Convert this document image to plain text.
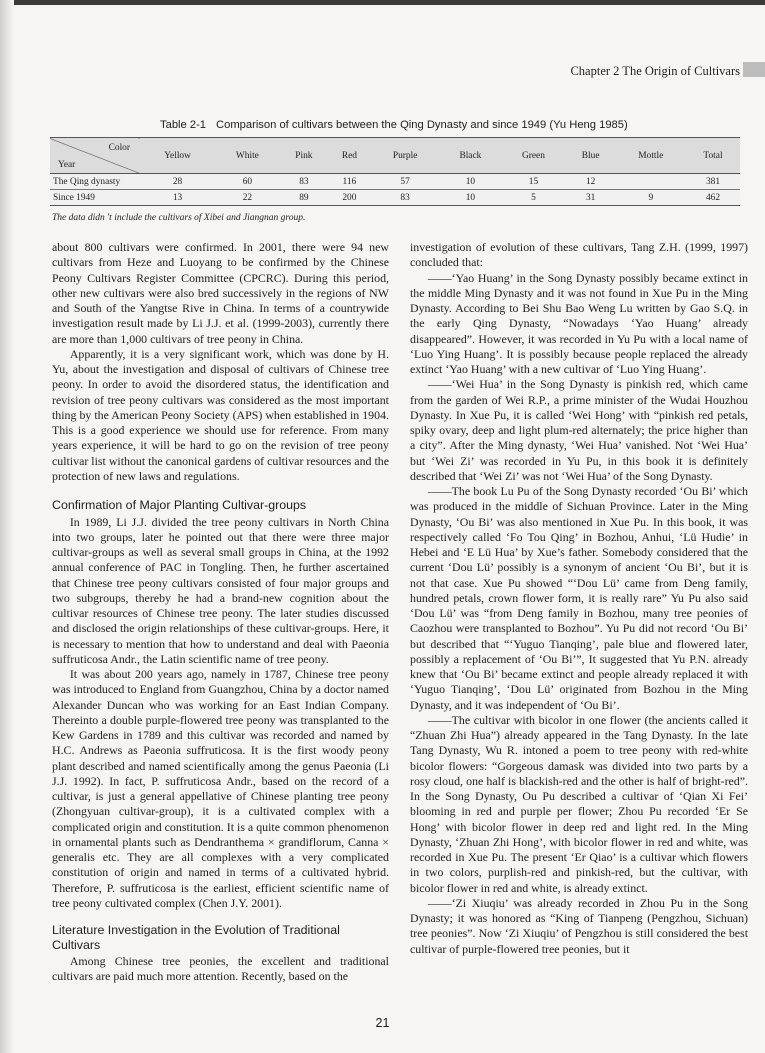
Chapter 2 The Origin of Cultivars
Table 2-1 Comparison of cultivars between the Qing Dynasty and since 1949 (Yu Heng 1985)
Color
Year	Yellow	White	Pink	Red	Purple	Black	Green	Blue	Mottle	Total
The Qing dynasty	28	60	83	116	57	10	15	12		381
Since 1949	13	22	89	200	83	10	5	31	9	462
The data didn 't include the cultivars of Xibei and Jiangnan group.

about 800 cultivars were confirmed. In 2001, there were 94 new cultivars from Heze and Luoyang to be confirmed by the Chinese Peony Cultivars Register Committee (CPCRC). During this period, other new cultivars were also bred successively in the regions of NW and South of the Yangtse Rive in China. In terms of a countrywide investigation result made by Li J.J. et al. (1999-2003), currently there are more than 1,000 cultivars of tree peony in China.

Apparently, it is a very significant work, which was done by H. Yu, about the investigation and disposal of cultivars of Chinese tree peony. In order to avoid the disordered status, the identification and revision of tree peony cultivars was considered as the most important thing by the American Peony Society (APS) when established in 1904. This is a good experience we should use for reference. From many years experience, it will be hard to go on the revision of tree peony cultivar list without the canonical gardens of cultivar resources and the protection of new laws and regulations.

Confirmation of Major Planting Cultivar-groups

In 1989, Li J.J. divided the tree peony cultivars in North China into two groups, later he pointed out that there were three major cultivar-groups as well as several small groups in China, at the 1992 annual conference of PAC in Tongling. Then, he further ascertained that Chinese tree peony cultivars consisted of four major groups and two subgroups, thereby he had a brand-new cognition about the cultivar resources of Chinese tree peony. The later studies discussed and disclosed the origin relationships of these cultivar-groups. Here, it is necessary to mention that how to understand and deal with Paeonia suffruticosa Andr., the Latin scientific name of tree peony.

It was about 200 years ago, namely in 1787, Chinese tree peony was introduced to England from Guangzhou, China by a doctor named Alexander Duncan who was working for an East Indian Company. Thereinto a double purple-flowered tree peony was transplanted to the Kew Gardens in 1789 and this cultivar was recorded and named by H.C. Andrews as Paeonia suffruticosa. It is the first woody peony plant described and named scientifically among the genus Paeonia (Li J.J. 1992). In fact, P. suffruticosa Andr., based on the record of a cultivar, is just a general appellative of Chinese planting tree peony (Zhongyuan cultivar-group), it is a cultivated complex with a complicated origin and constitution. It is a quite common phenomenon in ornamental plants such as Dendranthema × grandiflorum, Canna × generalis etc. They are all complexes with a very complicated constitution of origin and named in terms of a cultivated hybrid. Therefore, P. suffruticosa is the earliest, efficient scientific name of tree peony cultivated complex (Chen J.Y. 2001).

Literature Investigation in the Evolution of Traditional Cultivars

Among Chinese tree peonies, the excellent and traditional cultivars are paid much more attention. Recently, based on the

investigation of evolution of these cultivars, Tang Z.H. (1999, 1997) concluded that:

——‘Yao Huang’ in the Song Dynasty possibly became extinct in the middle Ming Dynasty and it was not found in Xue Pu in the Ming Dynasty. According to Bei Shu Bao Weng Lu written by Gao S.Q. in the early Qing Dynasty, “Nowadays ‘Yao Huang’ already disappeared”. However, it was recorded in Yu Pu with a local name of ‘Luo Ying Huang’. It is possibly because people replaced the already extinct ‘Yao Huang’ with a new cultivar of ‘Luo Ying Huang’.

——‘Wei Hua’ in the Song Dynasty is pinkish red, which came from the garden of Wei R.P., a prime minister of the Wudai Houzhou Dynasty. In Xue Pu, it is called ‘Wei Hong’ with “pinkish red petals, spiky ovary, deep and light plum-red alternately; the price higher than a city”. After the Ming dynasty, ‘Wei Hua’ vanished. Not ‘Wei Hua’ but ‘Wei Zi’ was recorded in Yu Pu, in this book it is definitely described that ‘Wei Zi’ was not ‘Wei Hua’ of the Song Dynasty.

——The book Lu Pu of the Song Dynasty recorded ‘Ou Bi’ which was produced in the middle of Sichuan Province. Later in the Ming Dynasty, ‘Ou Bi’ was also mentioned in Xue Pu. In this book, it was respectively called ‘Fo Tou Qing’ in Bozhou, Anhui, ‘Lü Hudie’ in Hebei and ‘E Lü Hua’ by Xue’s father. Somebody considered that the current ‘Dou Lü’ possibly is a synonym of ancient ‘Ou Bi’, but it is not that case. Xue Pu showed “‘Dou Lü’ came from Deng family, hundred petals, crown flower form, it is really rare” Yu Pu also said ‘Dou Lü’ was “from Deng family in Bozhou, many tree peonies of Caozhou were transplanted to Bozhou”. Yu Pu did not record ‘Ou Bi’ but described that “‘Yuguo Tianqing’, pale blue and flowered later, possibly a replacement of ‘Ou Bi’”, It suggested that Yu P.N. already knew that ‘Ou Bi’ became extinct and people already replaced it with ‘Yuguo Tianqing’, ‘Dou Lü’ originated from Bozhou in the Ming Dynasty, and it was independent of ‘Ou Bi’.

——The cultivar with bicolor in one flower (the ancients called it “Zhuan Zhi Hua”) already appeared in the Tang Dynasty. In the late Tang Dynasty, Wu R. intoned a poem to tree peony with red-white bicolor flowers: “Gorgeous damask was divided into two parts by a rosy cloud, one half is blackish-red and the other is half of bright-red”. In the Song Dynasty, Ou Pu described a cultivar of ‘Qian Xi Fei’ blooming in red and purple per flower; Zhou Pu recorded ‘Er Se Hong’ with bicolor flower in deep red and light red. In the Ming Dynasty, ‘Zhuan Zhi Hong’, with bicolor flower in red and white, was recorded in Xue Pu. The present ‘Er Qiao’ is a cultivar which flowers in two colors, purplish-red and pinkish-red, but the cultivar, with bicolor flower in red and white, is already extinct.

——‘Zi Xiuqiu’ was already recorded in Zhou Pu in the Song Dynasty; it was honored as “King of Tianpeng (Pengzhou, Sichuan) tree peonies”. Now ‘Zi Xiuqiu’ of Pengzhou is still considered the best cultivar of purple-flowered tree peonies, but it

21
